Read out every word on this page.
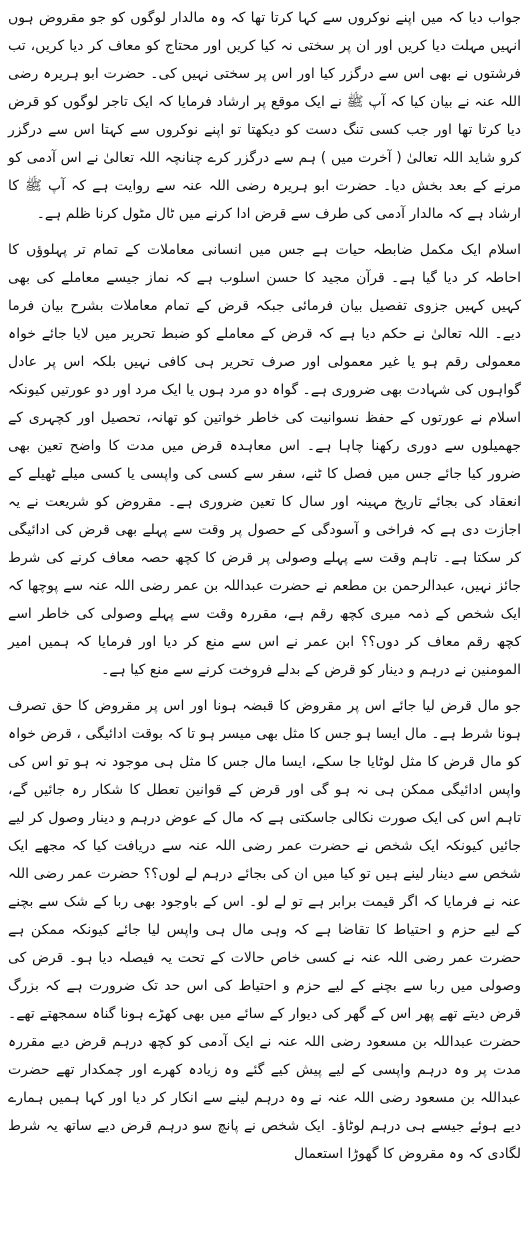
جواب دیا کہ میں اپنے نوکروں سے کہا کرتا تھا کہ وہ مالدار لوگوں کو جو مقروض ہوں انہیں مہلت دیا کریں اور ان پر سختی نہ کیا کریں اور محتاج کو معاف کر دیا کریں، تب فرشتوں نے بھی اس سے درگزر کیا اور اس پر سختی نہیں کی۔ حضرت ابو ہریرہ رضی اللہ عنہ نے بیان کیا کہ آپ ﷺ نے ایک موقع پر ارشاد فرمایا کہ ایک تاجر لوگوں کو قرض دیا کرتا تھا اور جب کسی تنگ دست کو دیکھتا تو اپنے نوکروں سے کہتا اس سے درگزر کرو شاید اللہ تعالیٰ ( آخرت میں ) ہم سے درگزر کرے چنانچہ اللہ تعالیٰ نے اس آدمی کو مرنے کے بعد بخش دیا۔ حضرت ابو ہریرہ رضی اللہ عنہ سے روایت ہے کہ آپ ﷺ کا ارشاد ہے کہ مالدار آدمی کی طرف سے قرض ادا کرنے میں ٹال مٹول کرنا ظلم ہے۔

اسلام ایک مکمل ضابطہ حیات ہے جس میں انسانی معاملات کے تمام تر پہلوؤں کا احاطہ کر دیا گیا ہے۔ قرآن مجید کا حسن اسلوب ہے کہ نماز جیسے معاملے کی بھی کہیں کہیں جزوی تفصیل بیان فرمائی جبکہ قرض کے تمام معاملات بشرح بیان فرما دیے۔ اللہ تعالیٰ نے حکم دیا ہے کہ قرض کے معاملے کو ضبط تحریر میں لایا جائے خواہ معمولی رقم ہو یا غیر معمولی اور صرف تحریر ہی کافی نہیں بلکہ اس پر عادل گواہوں کی شہادت بھی ضروری ہے۔ گواہ دو مرد ہوں یا ایک مرد اور دو عورتیں کیونکہ اسلام نے عورتوں کے حفظ نسوانیت کی خاطر خواتین کو تھانہ، تحصیل اور کچہری کے جھمیلوں سے دوری رکھنا چاہا ہے۔ اس معاہدہ قرض میں مدت کا واضح تعین بھی ضرور کیا جائے جس میں فصل کا ٹنے، سفر سے کسی کی واپسی یا کسی میلے ٹھیلے کے انعقاد کی بجائے تاریخ مہینہ اور سال کا تعین ضروری ہے۔ مقروض کو شریعت نے یہ اجازت دی ہے کہ فراخی و آسودگی کے حصول پر وقت سے پہلے بھی قرض کی ادائیگی کر سکتا ہے۔ تاہم وقت سے پہلے وصولی پر قرض کا کچھ حصہ معاف کرنے کی شرط جائز نہیں، عبدالرحمن بن مطعم نے حضرت عبداللہ بن عمر رضی اللہ عنہ سے پوچھا کہ ایک شخص کے ذمہ میری کچھ رقم ہے، مقررہ وقت سے پہلے وصولی کی خاطر اسے کچھ رقم معاف کر دوں؟؟ ابن عمر نے اس سے منع کر دیا اور فرمایا کہ ہمیں امیر المومنین نے درہم و دینار کو قرض کے بدلے فروخت کرنے سے منع کیا ہے۔

جو مال قرض لیا جائے اس پر مقروض کا قبضہ ہونا اور اس پر مقروض کا حق تصرف ہونا شرط ہے۔ مال ایسا ہو جس کا مثل بھی میسر ہو تا کہ بوقت ادائیگی ، قرض خواہ کو مال قرض کا مثل لوٹایا جا سکے، ایسا مال جس کا مثل ہی موجود نہ ہو تو اس کی واپس ادائیگی ممکن ہی نہ ہو گی اور قرض کے قوانین تعطل کا شکار رہ جائیں گے، تاہم اس کی ایک صورت نکالی جاسکتی ہے کہ مال کے عوض درہم و دینار وصول کر لیے جائیں کیونکہ ایک شخص نے حضرت عمر رضی اللہ عنہ سے دریافت کیا کہ مجھے ایک شخص سے دینار لینے ہیں تو کیا میں ان کی بجائے درہم لے لوں؟؟ حضرت عمر رضی اللہ عنہ نے فرمایا کہ اگر قیمت برابر ہے تو لے لو۔ اس کے باوجود بھی ربا کے شک سے بچنے کے لیے حزم و احتیاط کا تقاضا ہے کہ وہی مال ہی واپس لیا جائے کیونکہ ممکن ہے حضرت عمر رضی اللہ عنہ نے کسی خاص حالات کے تحت یہ فیصلہ دیا ہو۔ قرض کی وصولی میں ربا سے بچنے کے لیے حزم و احتیاط کی اس حد تک ضرورت ہے کہ بزرگ قرض دیتے تھے پھر اس کے گھر کی دیوار کے سائے میں بھی کھڑے ہونا گناہ سمجھتے تھے۔ حضرت عبداللہ بن مسعود رضی اللہ عنہ نے ایک آدمی کو کچھ درہم قرض دیے مقررہ مدت پر وہ درہم واپسی کے لیے پیش کیے گئے وہ زیادہ کھرے اور چمکدار تھے حضرت عبداللہ بن مسعود رضی اللہ عنہ نے وہ درہم لینے سے انکار کر دیا اور کہا ہمیں ہمارے دیے ہوئے جیسے ہی درہم لوٹاؤ۔ ایک شخص نے پانچ سو درہم قرض دیے ساتھ یہ شرط لگادی کہ وہ مقروض کا گھوڑا استعمال
